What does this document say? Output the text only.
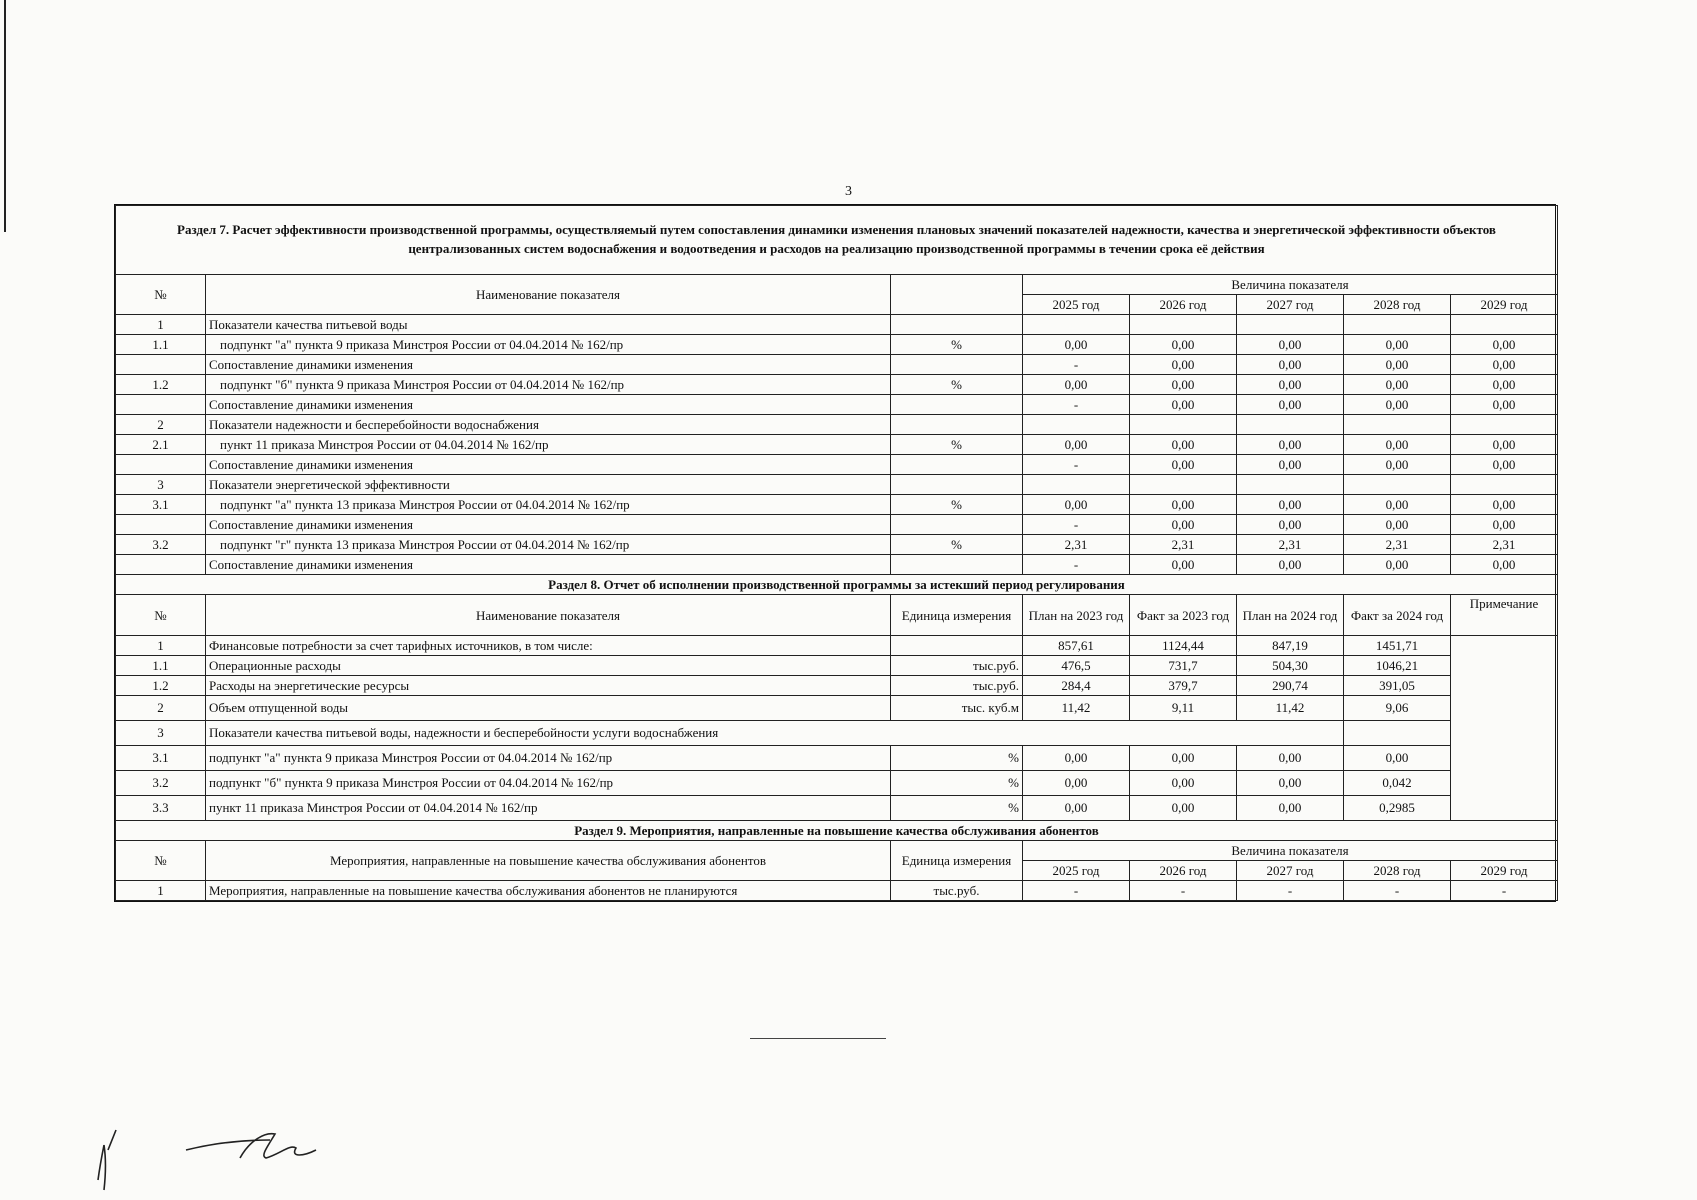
3
Раздел 7. Расчет эффективности производственной программы, осуществляемый путем сопоставления динамики изменения плановых значений показателей надежности, качества и энергетической эффективности объектов централизованных систем водоснабжения и водоотведения и расходов на реализацию производственной программы в течении срока её действия							
№	Наименование показателя		Величина показателя				
			2025 год	2026 год	2027 год	2028 год	2029 год
1	Показатели качества питьевой воды						
1.1	подпункт "а" пункта 9 приказа Минстроя России от 04.04.2014 № 162/пр	%	0,00	0,00	0,00	0,00	0,00
	Сопоставление динамики изменения		-	0,00	0,00	0,00	0,00
1.2	подпункт "б" пункта 9 приказа Минстроя России от 04.04.2014 № 162/пр	%	0,00	0,00	0,00	0,00	0,00
	Сопоставление динамики изменения		-	0,00	0,00	0,00	0,00
2	Показатели надежности и бесперебойности водоснабжения						
2.1	пункт 11 приказа Минстроя России от 04.04.2014 № 162/пр	%	0,00	0,00	0,00	0,00	0,00
	Сопоставление динамики изменения		-	0,00	0,00	0,00	0,00
3	Показатели энергетической эффективности						
3.1	подпункт "а" пункта 13 приказа Минстроя России от 04.04.2014 № 162/пр	%	0,00	0,00	0,00	0,00	0,00
	Сопоставление динамики изменения		-	0,00	0,00	0,00	0,00
3.2	подпункт "г" пункта 13 приказа Минстроя России от 04.04.2014 № 162/пр	%	2,31	2,31	2,31	2,31	2,31
	Сопоставление динамики изменения		-	0,00	0,00	0,00	0,00
Раздел 8. Отчет об исполнении производственной программы за истекший период регулирования							
№	Наименование показателя	Единица измерения	План на 2023 год	Факт за 2023 год	План на 2024 год	Факт за 2024 год	Примечание
1	Финансовые потребности за счет тарифных источников, в том числе:		857,61	1124,44	847,19	1451,71	
1.1	Операционные расходы	тыс.руб.	476,5	731,7	504,30	1046,21	
1.2	Расходы на энергетические ресурсы	тыс.руб.	284,4	379,7	290,74	391,05	
2	Объем отпущенной воды	тыс. куб.м	11,42	9,11	11,42	9,06	
3	Показатели качества питьевой воды, надежности и бесперебойности услуги водоснабжения						
3.1	подпункт "а" пункта 9 приказа Минстроя России от 04.04.2014 № 162/пр	%	0,00	0,00	0,00	0,00	
3.2	подпункт "б" пункта 9 приказа Минстроя России от 04.04.2014 № 162/пр	%	0,00	0,00	0,00	0,042	
3.3	пункт 11 приказа Минстроя России от 04.04.2014 № 162/пр	%	0,00	0,00	0,00	0,2985	
Раздел 9. Мероприятия, направленные на повышение качества обслуживания абонентов							
№	Мероприятия, направленные на повышение качества обслуживания абонентов	Единица измерения	Величина показателя				
			2025 год	2026 год	2027 год	2028 год	2029 год
1	Мероприятия, направленные на повышение качества обслуживания абонентов не планируются	тыс.руб.	-	-	-	-	-
